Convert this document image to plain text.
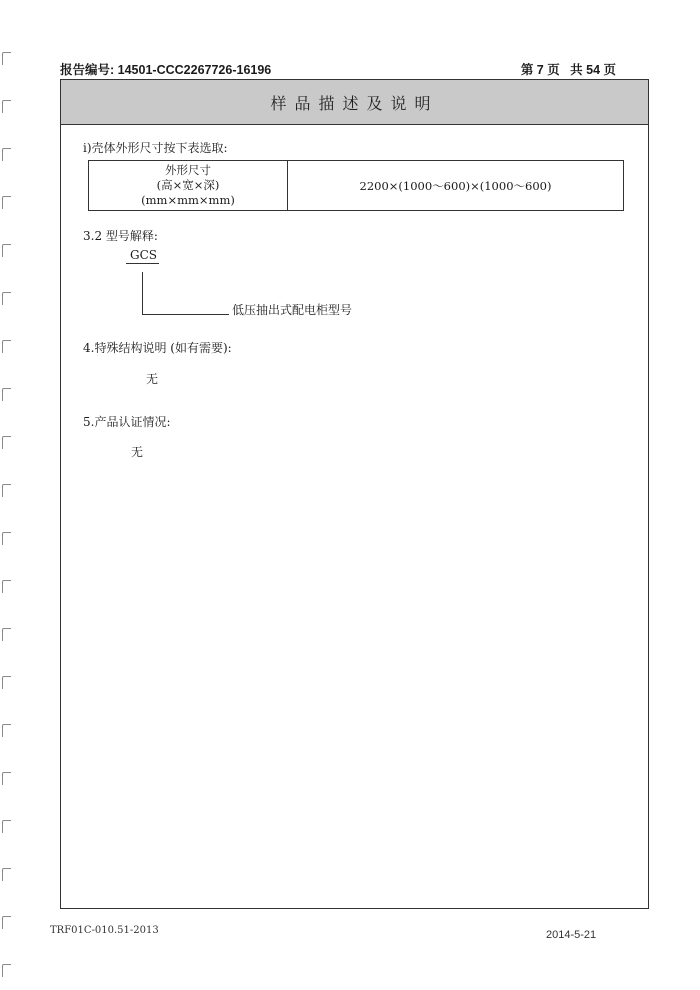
报告编号: 14501-CCC2267726-16196	第 7 页   共 54 页
样品描述及说明
i)壳体外形尺寸按下表选取:
外形尺寸
(高×宽×深)
(mm×mm×mm)
2200×(1000～600)×(1000～600)
3.2 型号解释:
GCS
低压抽出式配电柜型号
4.特殊结构说明 (如有需要):
无
5.产品认证情况:
无
TRF01C-010.51-2013	2014-5-21
